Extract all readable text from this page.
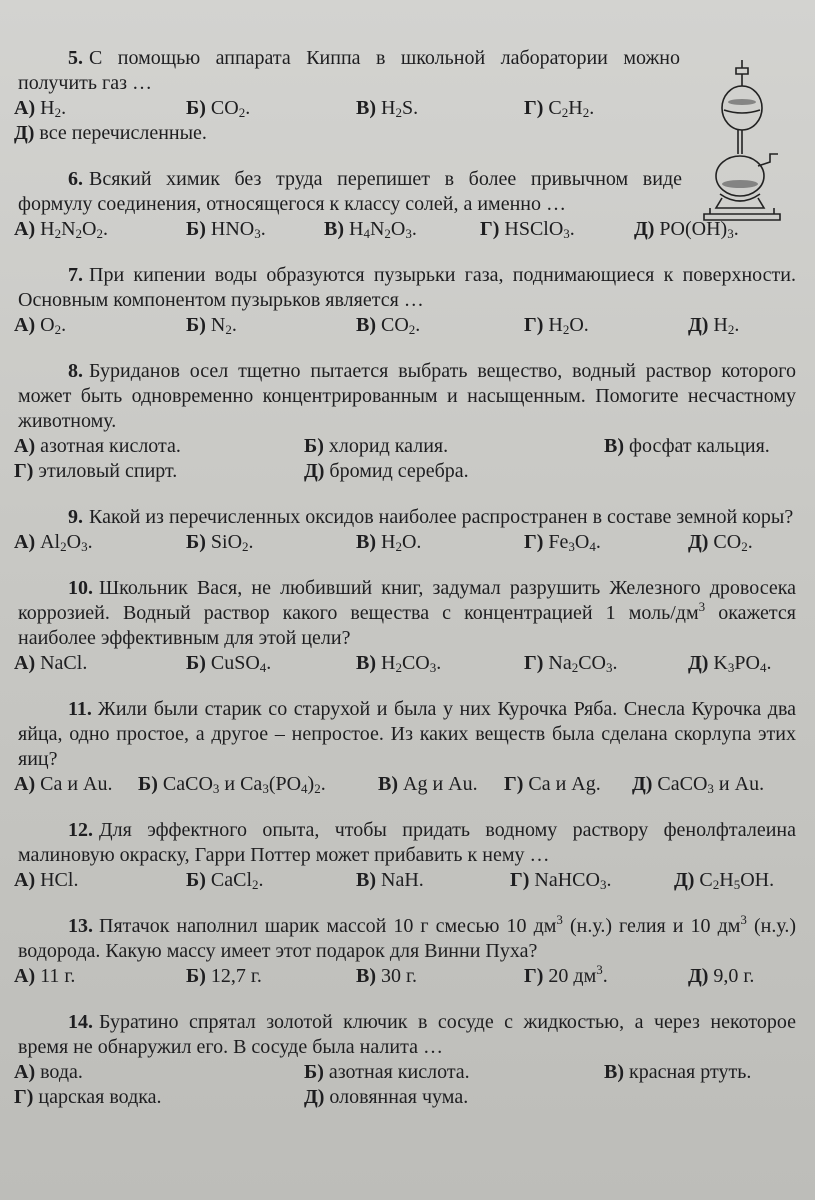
5. С помощью аппарата Киппа в школьной лаборатории можно получить газ …

А) $H_2$.	Б) $CO_2$.	В) $H_2S$.	Г) $C_2H_2$.
Д) все перечисленные.

6. Всякий химик без труда перепишет в более привычном виде формулу соединения, относящегося к классу солей, а именно …

А) $H_2N_2O_2$.	Б) $HNO_3$.	В) $H_4N_2O_3$.	Г) HSClO$_3$.	Д) $PO(OH)_3$.

7. При кипении воды образуются пузырьки газа, поднимающиеся к поверхности. Основным компонентом пузырьков является …

А) $O_2$.	Б) $N_2$.	В) $CO_2$.	Г) $H_2O$.	Д) $H_2$.

8. Буриданов осел тщетно пытается выбрать вещество, водный раствор которого может быть одновременно концентрированным и насыщенным. Помогите несчастному животному.

А) азотная кислота.	Б) хлорид калия.	В) фосфат кальция.
Г) этиловый спирт.	Д) бромид серебра.

9. Какой из перечисленных оксидов наиболее распространен в составе земной коры?

А) $Al_2O_3$.	Б) SiO$_2$.	В) $H_2O$.	Г) $Fe_3O_4$.	Д) $CO_2$.

10. Школьник Вася, не любивший книг, задумал разрушить Железного дровосека коррозией. Водный раствор какого вещества с концентрацией 1 моль/$дм^3$ окажется наиболее эффективным для этой цели?

А) NaCl.	Б) CuSO$_4$.	В) $H_2CO_3$.	Г) $Na_2CO_3$.	Д) $K_3PO_4$.

11. Жили были старик со старухой и была у них Курочка Ряба. Снесла Курочка два яйца, одно простое, а другое – непростое. Из каких веществ была сделана скорлупа этих яиц?

А) Ca и Au. Б) CaCO$_3$ и $Ca_3(PO_4)_2$.	В) Ag и Au. Г) Ca и Ag. Д) CaCO$_3$ и Au.

12. Для эффектного опыта, чтобы придать водному раствору фенолфталеина малиновую окраску, Гарри Поттер может прибавить к нему …

А) HCl.	Б) CaCl$_2$.	В) NaH.	Г) NaHCO$_3$.	Д) $C_2H_5OH$.

13. Пятачок наполнил шарик массой 10 г смесью 10 $дм^3$ (н.у.) гелия и 10 $дм^3$ (н.у.) водорода. Какую массу имеет этот подарок для Винни Пуха?

А) 11 г.	Б) 12,7 г.	В) 30 г.	Г) 20 $дм^3$.	Д) 9,0 г.

14. Буратино спрятал золотой ключик в сосуде с жидкостью, а через некоторое время не обнаружил его. В сосуде была налита …

А) вода.	Б) азотная кислота.	В) красная ртуть.
Г) царская водка.	Д) оловянная чума.
